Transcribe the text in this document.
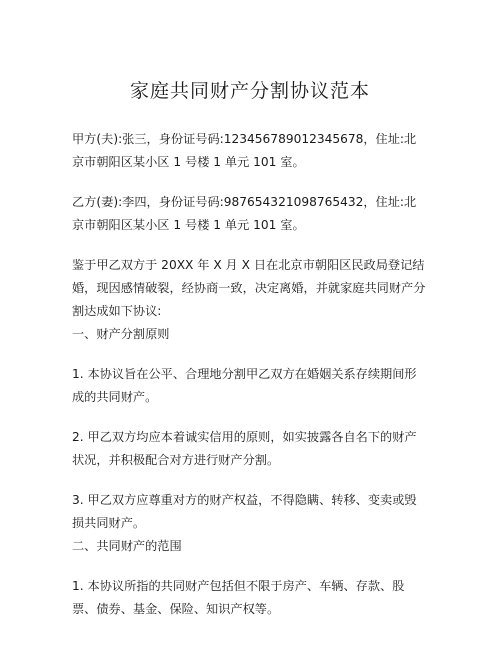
家庭共同财产分割协议范本

甲方(夫):张三，身份证号码:123456789012345678，住址:北京市朝阳区某小区 1 号楼 1 单元 101 室。

乙方(妻):李四，身份证号码:987654321098765432，住址:北京市朝阳区某小区 1 号楼 1 单元 101 室。

鉴于甲乙双方于 20XX 年 X 月 X 日在北京市朝阳区民政局登记结婚，现因感情破裂，经协商一致，决定离婚，并就家庭共同财产分割达成如下协议:

一、财产分割原则

1. 本协议旨在公平、合理地分割甲乙双方在婚姻关系存续期间形成的共同财产。

2. 甲乙双方均应本着诚实信用的原则，如实披露各自名下的财产状况，并积极配合对方进行财产分割。

3. 甲乙双方应尊重对方的财产权益，不得隐瞒、转移、变卖或毁损共同财产。

二、共同财产的范围

1. 本协议所指的共同财产包括但不限于房产、车辆、存款、股票、债券、基金、保险、知识产权等。
